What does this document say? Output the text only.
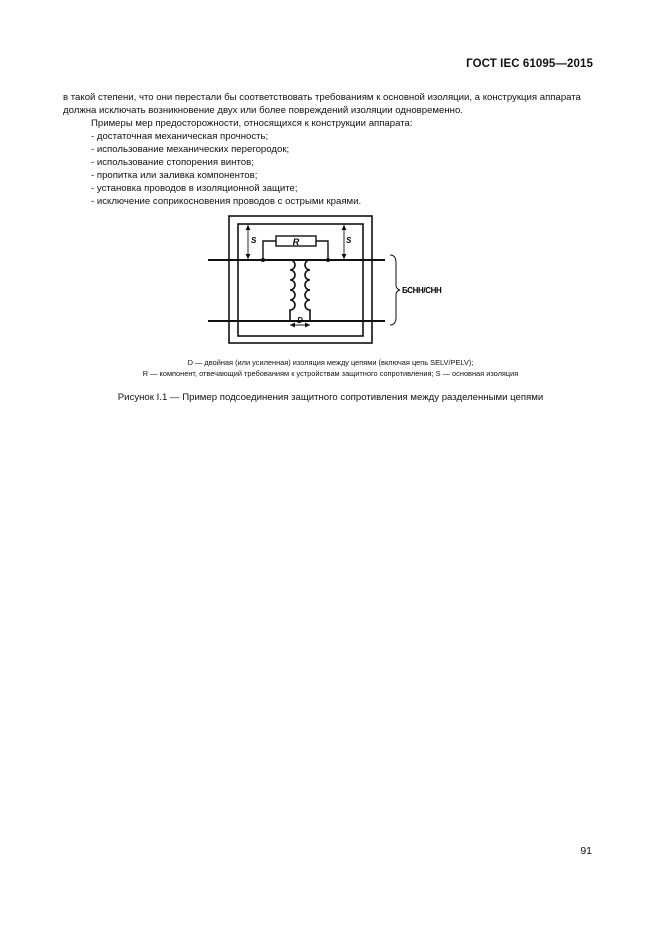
ГОСТ IEC 61095—2015
в такой степени, что они перестали бы соответствовать требованиям к основной изоляции, а конструкция аппарата должна исключать возникновение двух или более повреждений изоляции одновременно.
Примеры мер предосторожности, относящихся к конструкции аппарата:
- достаточная механическая прочность;
- использование механических перегородок;
- использование стопорения винтов;
- пропитка или заливка компонентов;
- установка проводов в изоляционной защите;
- исключение соприкосновения проводов с острыми краями.
R
S	S
D
БСНН/СНН
D — двойная (или усиленная) изоляция между цепями (включая цепь SELV/PELV);
R — компонент, отвечающий требованиям к устройствам защитного сопротивления; S — основная изоляция
Рисунок I.1 — Пример подсоединения защитного сопротивления между разделенными цепями
91
